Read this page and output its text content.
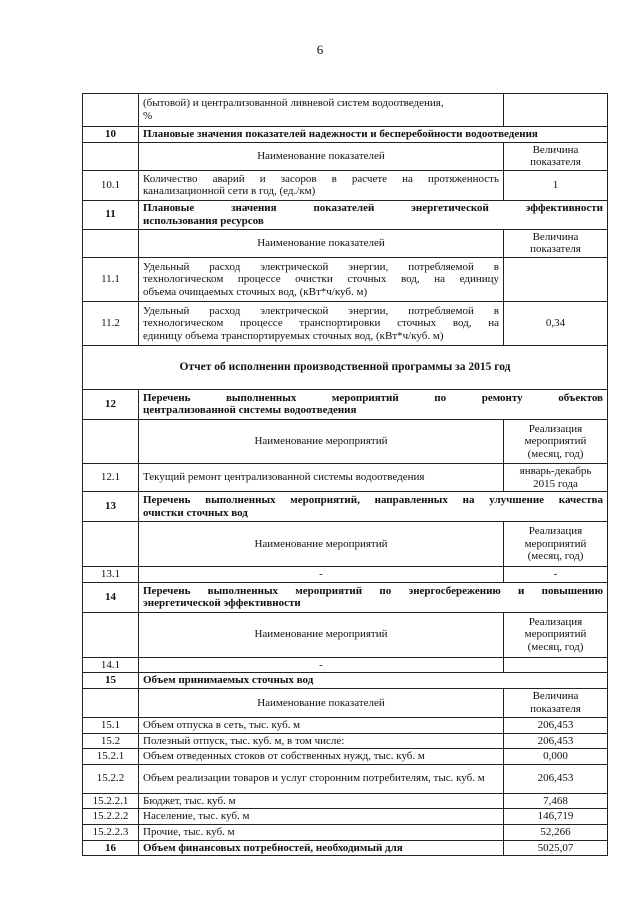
6

	(бытовой) и централизованной ливневой систем водоотведения,
%	

10	Плановые значения показателей надежности и бесперебойности водоотведения	
	Наименование показателей	Величина
показателя

10.1	Количество аварий и засоров в расчете на протяженность
канализационной сети в год, (ед./км)	1
11	Плановые значения показателей энергетической эффективности
использования ресурсов	

	Наименование показателей	Величина
показателя

11.1	Удельный расход электрической энергии, потребляемой в
технологическом процессе очистки сточных вод, на единицу
объема очищаемых сточных вод, (кВт*ч/куб. м)	

11.2	Удельный расход электрической энергии, потребляемой в
технологическом процессе транспортировки сточных вод, на
единицу объема транспортируемых сточных вод, (кВт*ч/куб. м)	0,34
Отчет об исполнении производственной программы за 2015 год		
12	Перечень выполненных мероприятий по ремонту объектов
централизованной системы водоотведения	

	Наименование мероприятий	Реализация
мероприятий
(месяц, год)

12.1	Текущий ремонт централизованной системы водоотведения	январь-декабрь
2015 года

13	Перечень выполненных мероприятий, направленных на улучшение качества
очистки сточных вод	

	Наименование мероприятий	Реализация
мероприятий
(месяц, год)

13.1	-	-
14	Перечень выполненных мероприятий по энергосбережению и повышению
энергетической эффективности	

	Наименование мероприятий	Реализация
мероприятий
(месяц, год)

14.1	-	
15	Объем принимаемых сточных вод	
	Наименование показателей	Величина
показателя

15.1	Объем отпуска в сеть, тыс. куб. м	206,453
15.2	Полезный отпуск, тыс. куб. м, в том числе:	206,453
15.2.1	Объем отведенных стоков от собственных нужд, тыс. куб. м	0,000
15.2.2	Объем реализации товаров и услуг сторонним потребителям, тыс. куб. м	206,453
15.2.2.1	Бюджет, тыс. куб. м	7,468
15.2.2.2	Население, тыс. куб. м	146,719
15.2.2.3	Прочие, тыс. куб. м	52,266
16	Объем финансовых потребностей, необходимый для	5025,07
